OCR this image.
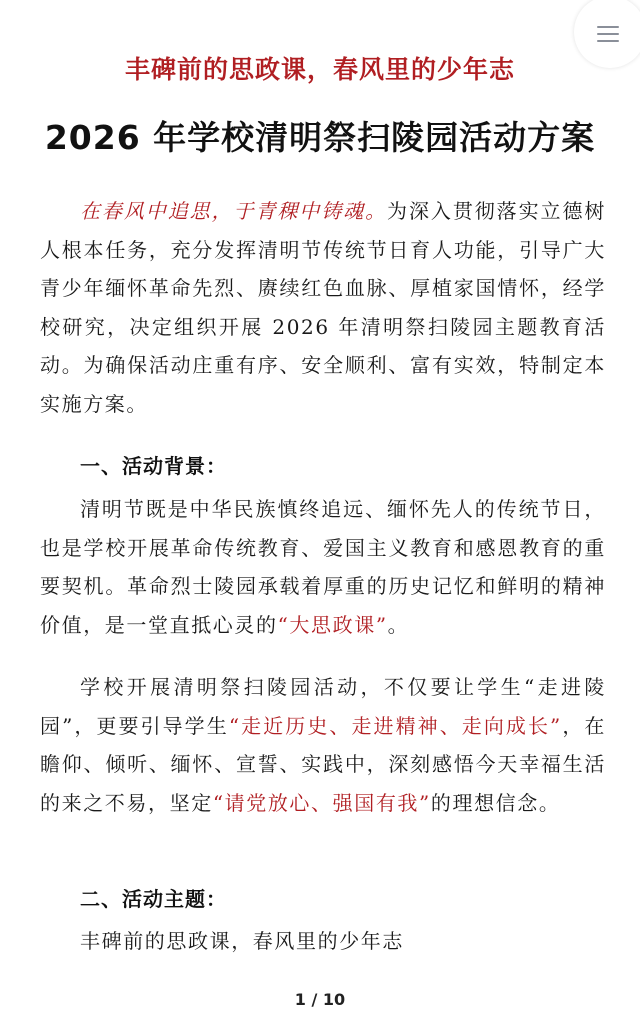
丰碑前的思政课，春风里的少年志
2026 年学校清明祭扫陵园活动方案
在春风中追思，于青稞中铸魂。为深入贯彻落实立德树人根本任务，充分发挥清明节传统节日育人功能，引导广大青少年缅怀革命先烈、赓续红色血脉、厚植家国情怀，经学校研究，决定组织开展 2026 年清明祭扫陵园主题教育活动。为确保活动庄重有序、安全顺利、富有实效，特制定本实施方案。
一、活动背景：
清明节既是中华民族慎终追远、缅怀先人的传统节日，也是学校开展革命传统教育、爱国主义教育和感恩教育的重要契机。革命烈士陵园承载着厚重的历史记忆和鲜明的精神价值，是一堂直抵心灵的“大思政课”。
学校开展清明祭扫陵园活动，不仅要让学生“走进陵园”，更要引导学生“走近历史、走进精神、走向成长”，在瞻仰、倾听、缅怀、宣誓、实践中，深刻感悟今天幸福生活的来之不易，坚定“请党放心、强国有我”的理想信念。
二、活动主题：
丰碑前的思政课，春风里的少年志
1 / 10
